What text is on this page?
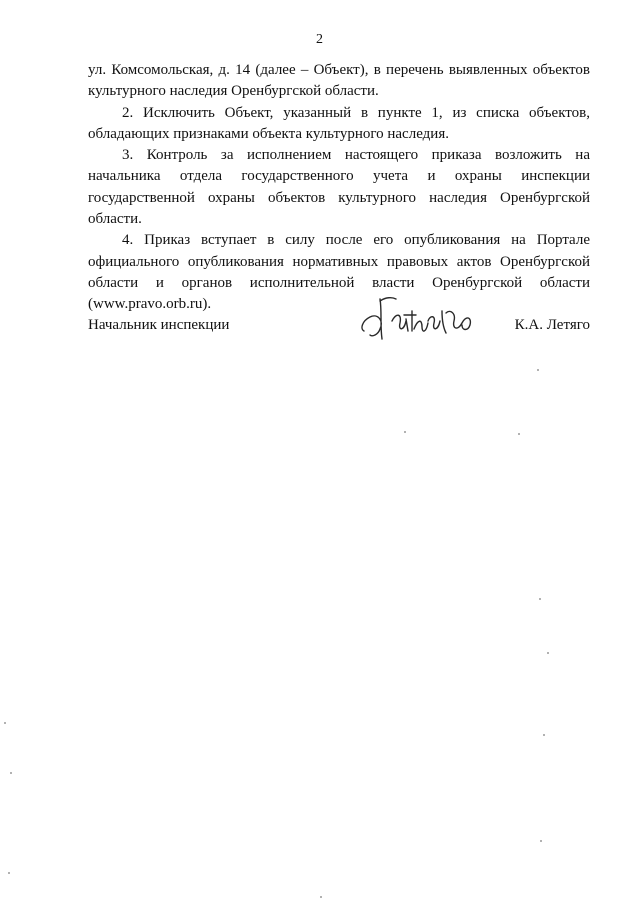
2

ул. Комсомольская, д. 14 (далее – Объект), в перечень выявленных объектов культурного наследия Оренбургской области.

2. Исключить Объект, указанный в пункте 1, из списка объектов, обладающих признаками объекта культурного наследия.

3. Контроль за исполнением настоящего приказа возложить на начальника отдела государственного учета и охраны инспекции государственной охраны объектов культурного наследия Оренбургской области.

4. Приказ вступает в силу после его опубликования на Портале официального опубликования нормативных правовых актов Оренбургской области и органов исполнительной власти Оренбургской области (www.pravo.orb.ru).

Начальник инспекции	К.А. Летяго
